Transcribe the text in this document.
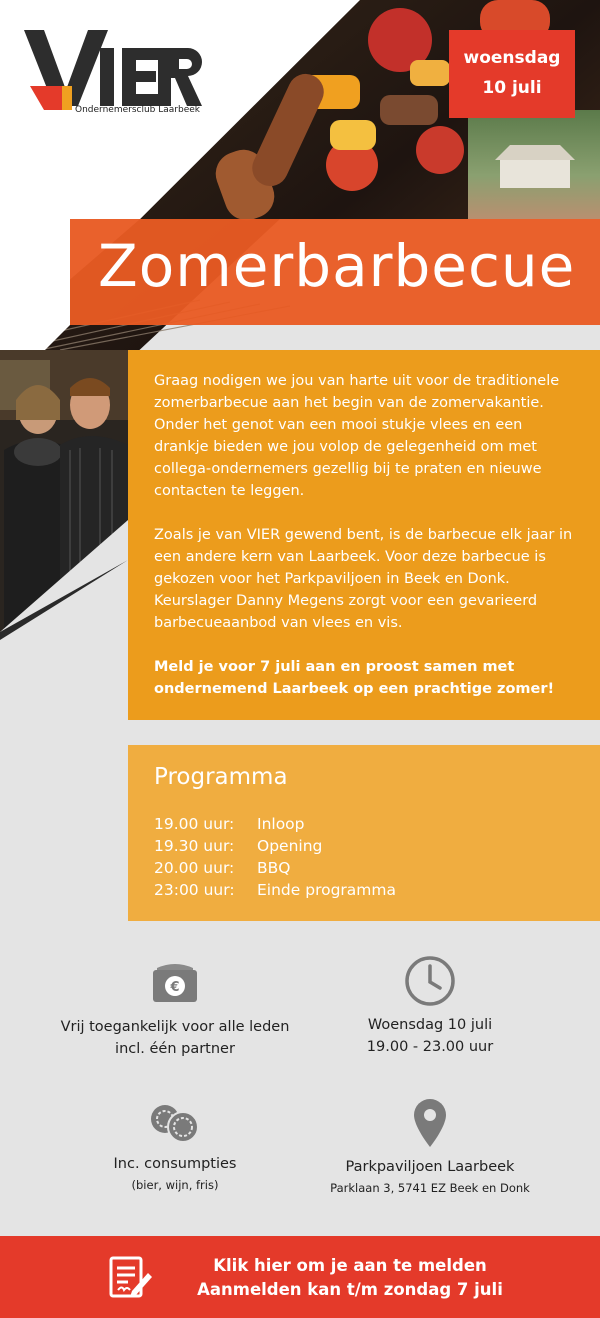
Ondernemersclub Laarbeek
woensdag
10 juli
Zomerbarbecue

Graag nodigen we jou van harte uit voor de traditionele zomerbarbecue aan het begin van de zomervakantie. Onder het genot van een mooi stukje vlees en een drankje bieden we jou volop de gelegenheid om met collega-ondernemers gezellig bij te praten en nieuwe contacten te leggen.

Zoals je van VIER gewend bent, is de barbecue elk jaar in een andere kern van Laarbeek. Voor deze barbecue is gekozen voor het Parkpaviljoen in Beek en Donk. Keurslager Danny Megens zorgt voor een gevarieerd barbecueaanbod van vlees en vis.

Meld je voor 7 juli aan en proost samen met ondernemend Laarbeek op een prachtige zomer!

Programma
19.00 uur:	Inloop
19.30 uur:	Opening
20.00 uur:	BBQ
23:00 uur:	Einde programma
€
Vrij toegankelijk voor alle leden
incl. één partner
Woensdag 10 juli
19.00 - 23.00 uur
Inc. consumpties
(bier, wijn, fris)
Parkpaviljoen Laarbeek
Parklaan 3, 5741 EZ Beek en Donk
Klik hier om je aan te melden
Aanmelden kan t/m zondag 7 juli
